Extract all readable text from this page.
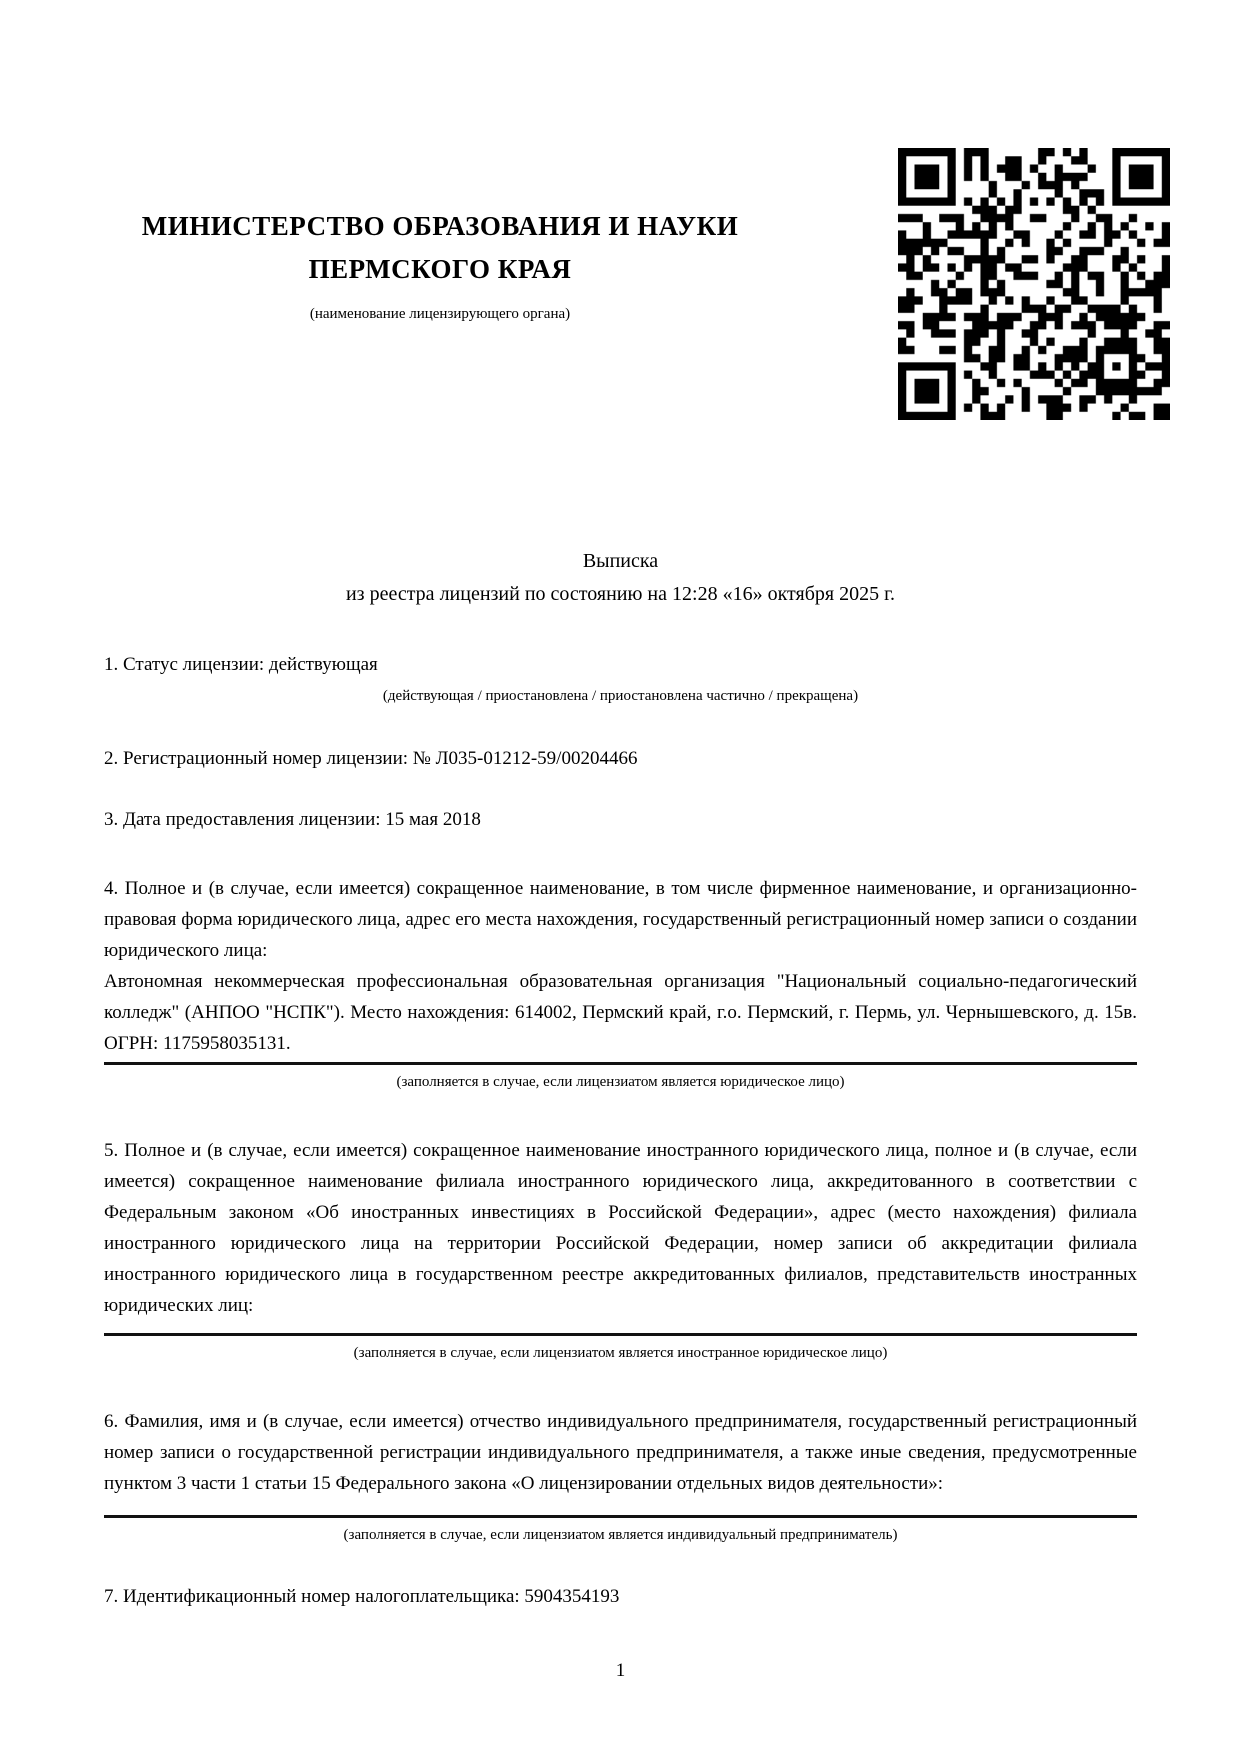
МИНИСТЕРСТВО ОБРАЗОВАНИЯ И НАУКИ
ПЕРМСКОГО КРАЯ
(наименование лицензирующего органа)
Выписка
из реестра лицензий по состоянию на 12:28 «16» октября 2025 г.

1. Статус лицензии: действующая

(действующая / приостановлена / приостановлена частично / прекращена)

2. Регистрационный номер лицензии: № Л035-01212-59/00204466

3. Дата предоставления лицензии: 15 мая 2018

4. Полное и (в случае, если имеется) сокращенное наименование, в том числе фирменное наименование, и организационно-правовая форма юридического лица, адрес его места нахождения, государственный регистрационный номер записи о создании юридического лица:

Автономная некоммерческая профессиональная образовательная организация "Национальный социально-педагогический колледж" (АНПОО "НСПК"). Место нахождения: 614002, Пермский край, г.о. Пермский, г. Пермь, ул. Чернышевского, д. 15в. ОГРН: 1175958035131.

(заполняется в случае, если лицензиатом является юридическое лицо)

5. Полное и (в случае, если имеется) сокращенное наименование иностранного юридического лица, полное и (в случае, если имеется) сокращенное наименование филиала иностранного юридического лица, аккредитованного в соответствии с Федеральным законом «Об иностранных инвестициях в Российской Федерации», адрес (место нахождения) филиала иностранного юридического лица на территории Российской Федерации, номер записи об аккредитации филиала иностранного юридического лица в государственном реестре аккредитованных филиалов, представительств иностранных юридических лиц:

(заполняется в случае, если лицензиатом является иностранное юридическое лицо)

6. Фамилия, имя и (в случае, если имеется) отчество индивидуального предпринимателя, государственный регистрационный номер записи о государственной регистрации индивидуального предпринимателя, а также иные сведения, предусмотренные пунктом 3 части 1 статьи 15 Федерального закона «О лицензировании отдельных видов деятельности»:

(заполняется в случае, если лицензиатом является индивидуальный предприниматель)

7. Идентификационный номер налогоплательщика: 5904354193

1
